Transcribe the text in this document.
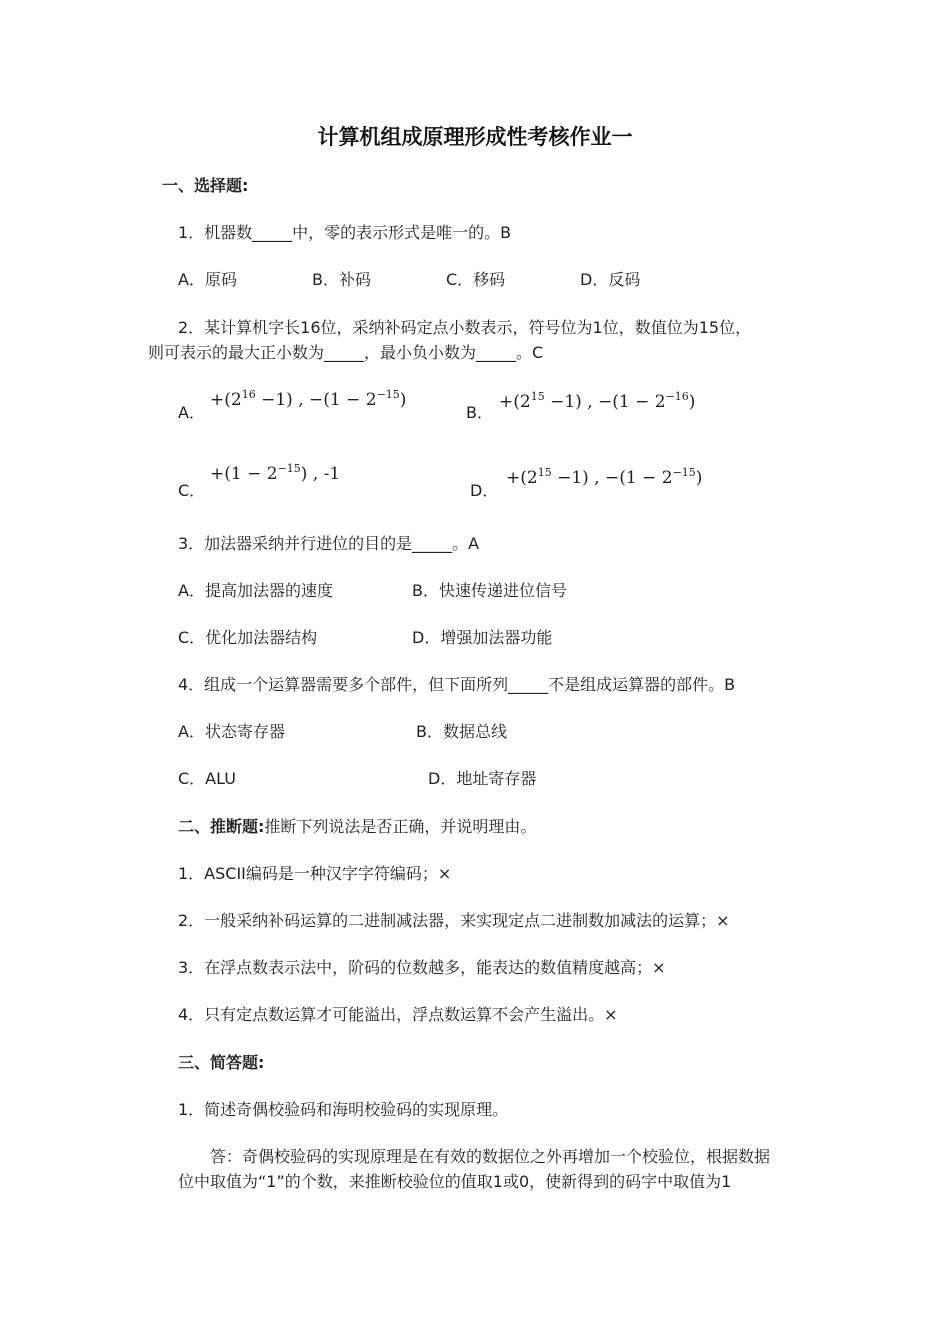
计算机组成原理形成性考核作业一
一、选择题:
1．机器数_____中，零的表示形式是唯一的。B
A．原码	B．补码	C．移码	D．反码
2．某计算机字长16位，采纳补码定点小数表示，符号位为1位，数值位为15位，
则可表示的最大正小数为_____，最小负小数为_____。C
A．
$+(2^{16} -1)$ , $-(1 - 2^{-15})$
B．
$+(2^{15} -1)$ , $-(1 - 2^{-16})$
C．
$+(1 - 2^{-15})$ , -1
D．
$+(2^{15} -1)$ , $-(1 - 2^{-15})$
3．加法器采纳并行进位的目的是_____。A
A．提高加法器的速度	B．快速传递进位信号
C．优化加法器结构	D．增强加法器功能
4．组成一个运算器需要多个部件，但下面所列_____不是组成运算器的部件。B
A．状态寄存器	B．数据总线
C．ALU	D．地址寄存器
二、推断题:推断下列说法是否正确，并说明理由。
1．ASCII编码是一种汉字字符编码；×
2．一般采纳补码运算的二进制减法器，来实现定点二进制数加减法的运算；×
3．在浮点数表示法中，阶码的位数越多，能表达的数值精度越高；×
4．只有定点数运算才可能溢出，浮点数运算不会产生溢出。×
三、简答题:
1．简述奇偶校验码和海明校验码的实现原理。
答：奇偶校验码的实现原理是在有效的数据位之外再增加一个校验位，根据数据
位中取值为“1”的个数，来推断校验位的值取1或0，使新得到的码字中取值为1
